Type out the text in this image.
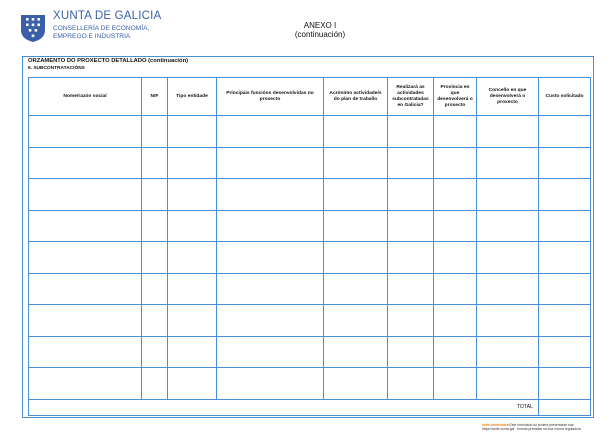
XUNTA DE GALICIA
CONSELLERÍA DE ECONOMÍA,
EMPREGO E INDUSTRIA
ANEXO I
(continuación)
ORZAMENTO DO PROXECTO DETALLADO (continuación)
6. SUBCONTRATACIÓNS
Nome/razón social	NIF	Tipo entidade	Principais funcións desenvolvidas no proxecto	Acrónimo actividade/s do plan de traballo	Realizará as actividades subcontratadas en Galicia?	Provincia en que desenvolverá o proxecto	Concello en que desenvolverá o proxecto	Custo solicitado

TOTAL								
sede electrónica Este formulario só poderá presentarse nas
https://sede.xunta.gal · formas previstas na súa norma reguladora
